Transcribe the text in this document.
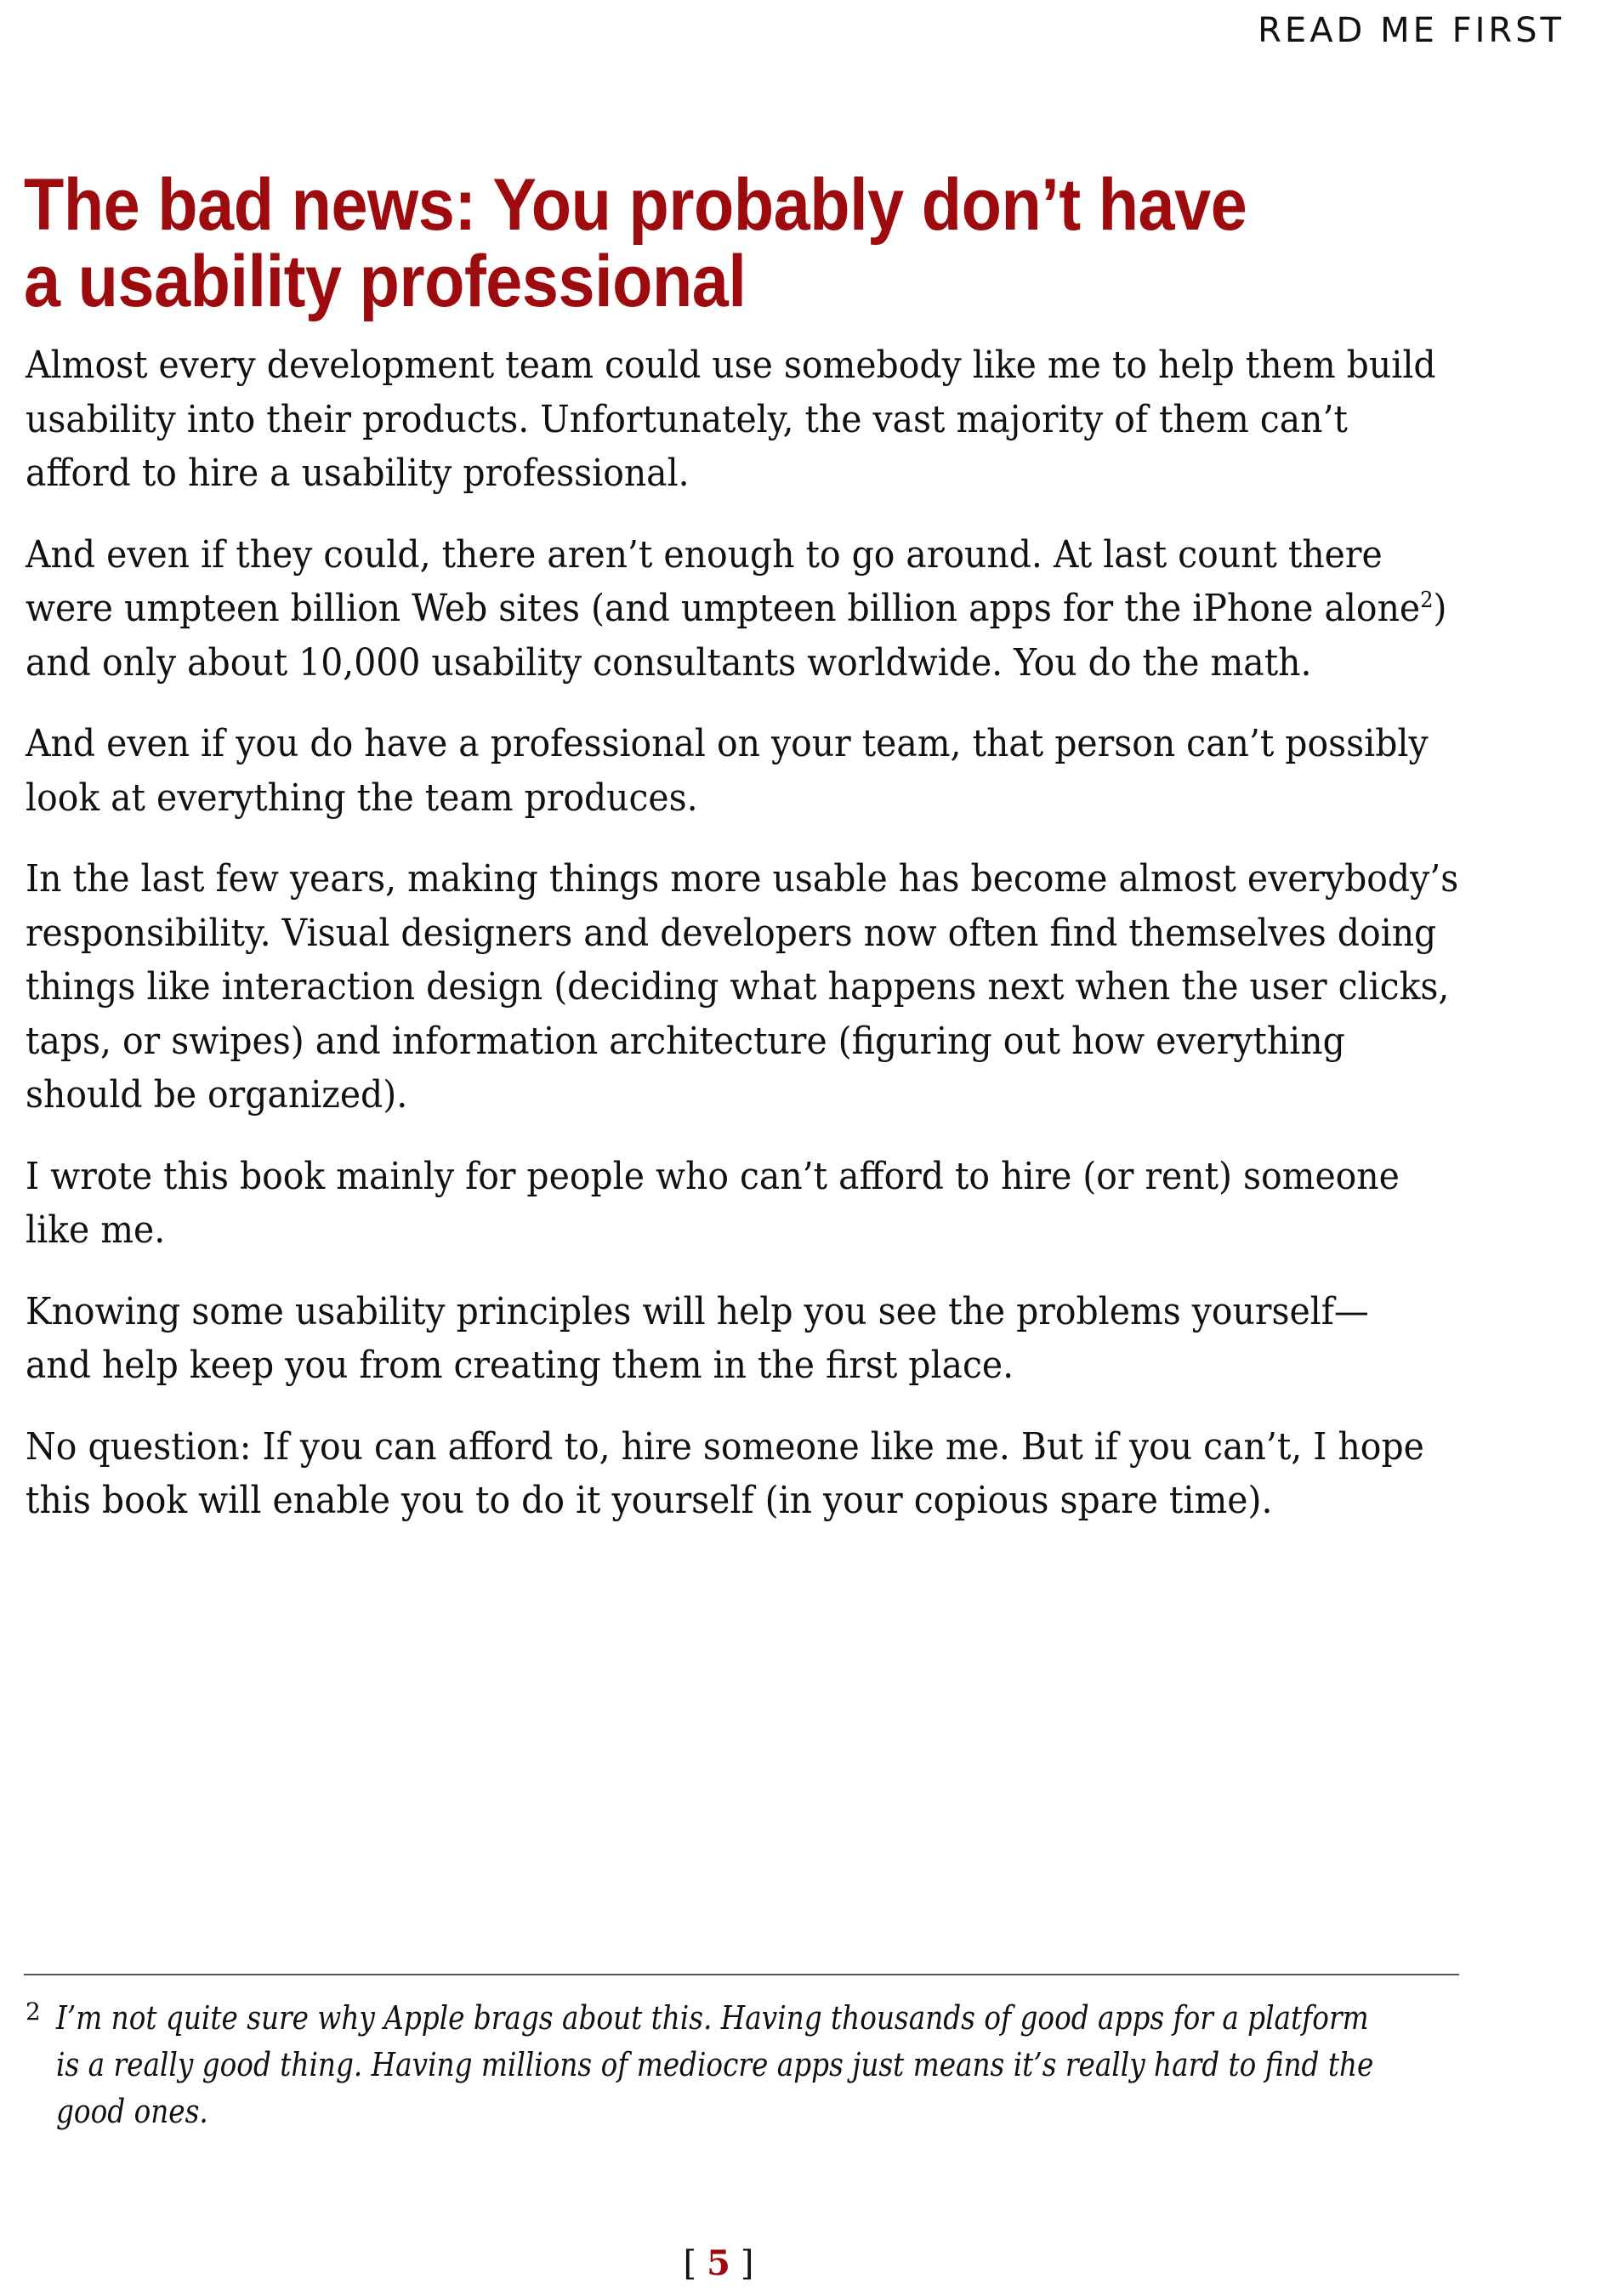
READ ME FIRST
The bad news: You probably don’t have
a usability professional

Almost every development team could use somebody like me to help them build
usability into their products. Unfortunately, the vast majority of them can’t
afford to hire a usability professional.

And even if they could, there aren’t enough to go around. At last count there
were umpteen billion Web sites (and umpteen billion apps for the iPhone alone$^2$)
and only about 10,000 usability consultants worldwide. You do the math.

And even if you do have a professional on your team, that person can’t possibly
look at everything the team produces.

In the last few years, making things more usable has become almost everybody’s
responsibility. Visual designers and developers now often find themselves doing
things like interaction design (deciding what happens next when the user clicks,
taps, or swipes) and information architecture (figuring out how everything
should be organized).

I wrote this book mainly for people who can’t afford to hire (or rent) someone
like me.

Knowing some usability principles will help you see the problems yourself—
and help keep you from creating them in the first place.

No question: If you can afford to, hire someone like me. But if you can’t, I hope
this book will enable you to do it yourself (in your copious spare time).

2 I’m not quite sure why Apple brags about this. Having thousands of good apps for a platform
is a really good thing. Having millions of mediocre apps just means it’s really hard to find the
good ones.
[ 5 ]
